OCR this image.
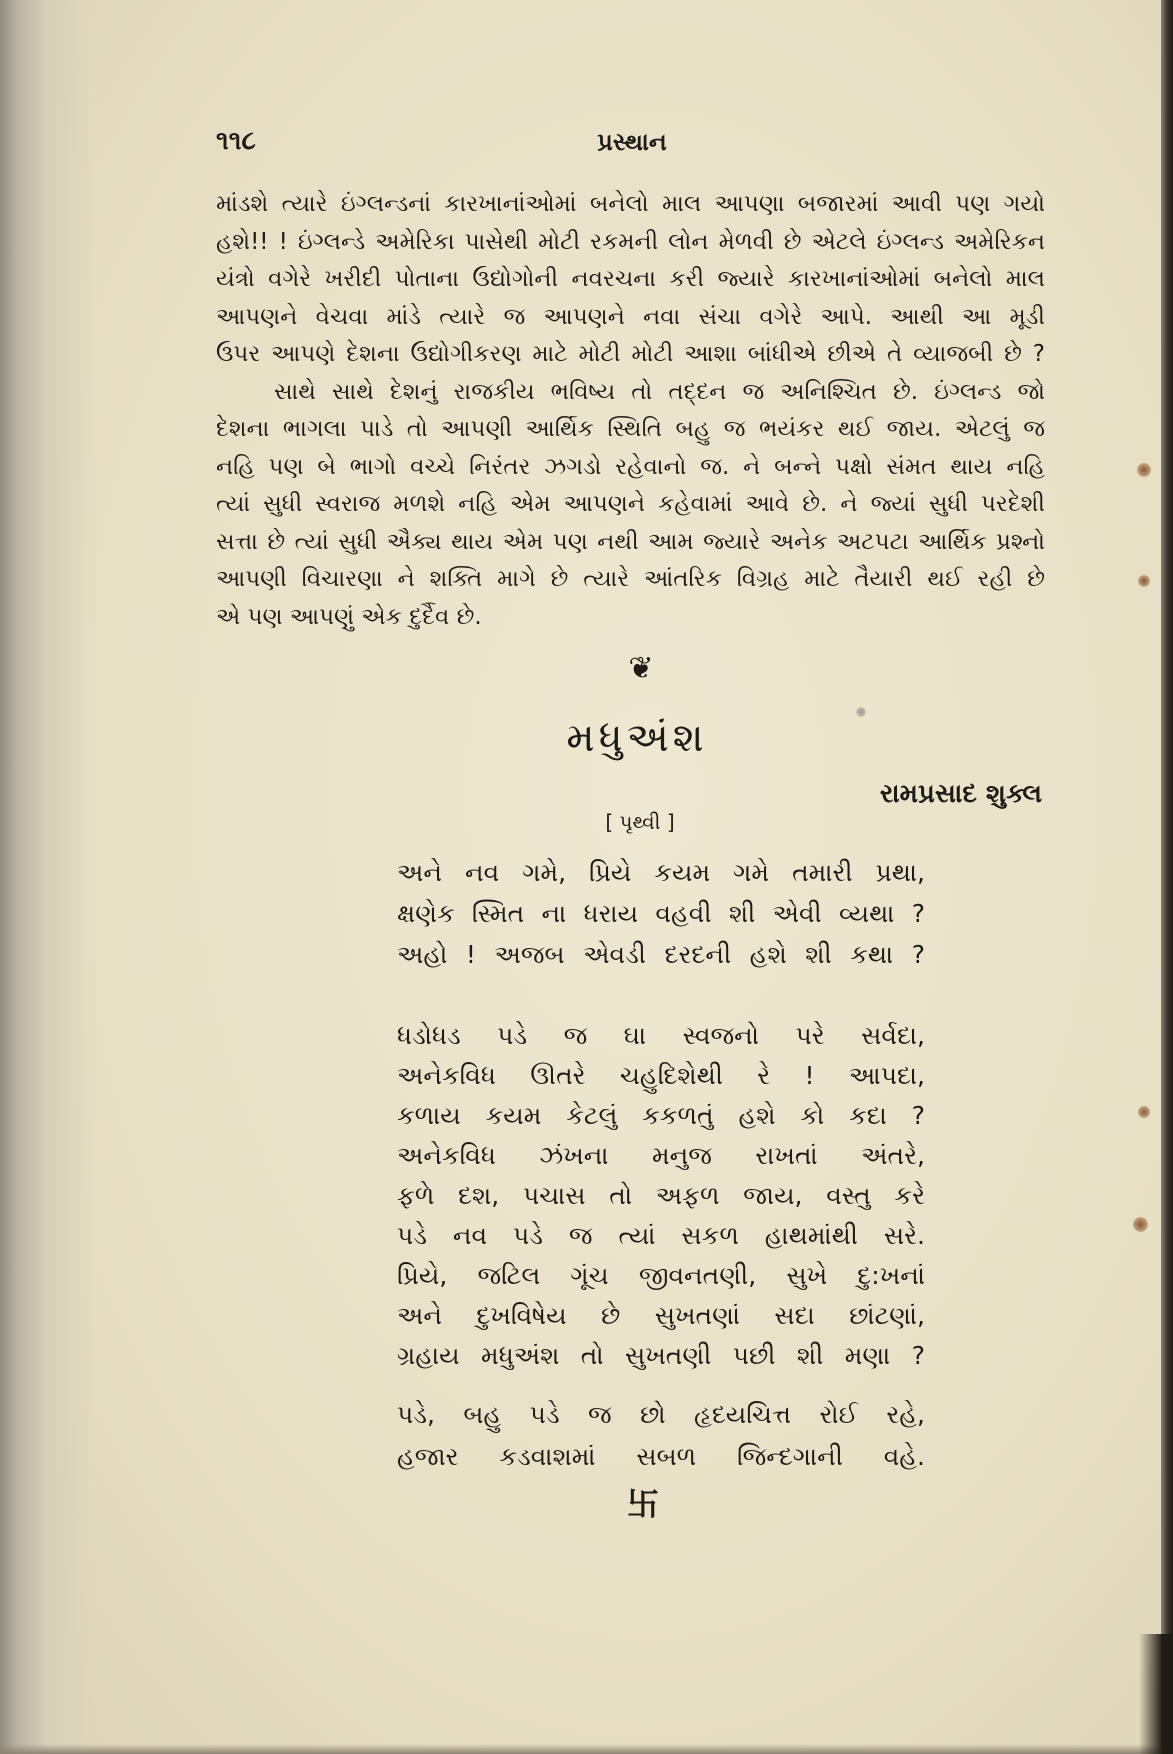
૧૧૮	પ્રસ્થાન
માંડશે ત્યારે ઇંગ્લન્ડનાં કારખાનાંઓમાં બનેલો માલ આપણા બજારમાં આવી પણ ગયો
હશે!! ! ઇંગ્લન્ડે અમેરિકા પાસેથી મોટી રકમની લોન મેળવી છે એટલે ઇંગ્લન્ડ અમેરિકન
યંત્રો વગેરે ખરીદી પોતાના ઉદ્યોગોની નવરચના કરી જ્યારે કારખાનાંઓમાં બનેલો માલ
આપણને વેચવા માંડે ત્યારે જ આપણને નવા સંચા વગેરે આપે. આથી આ મૂડી
ઉપર આપણે દેશના ઉદ્યોગીકરણ માટે મોટી મોટી આશા બાંધીએ છીએ તે વ્યાજબી છે ?
સાથે સાથે દેશનું રાજકીય ભવિષ્ય તો તદ્દન જ અનિશ્ચિત છે. ઇંગ્લન્ડ જો
દેશના ભાગલા પાડે તો આપણી આર્થિક સ્થિતિ બહુ જ ભયંકર થઈ જાય. એટલું જ
નહિ પણ બે ભાગો વચ્ચે નિરંતર ઝગડો રહેવાનો જ. ને બન્ને પક્ષો સંમત થાય નહિ
ત્યાં સુધી સ્વરાજ મળશે નહિ એમ આપણને કહેવામાં આવે છે. ને જ્યાં સુધી પરદેશી
સત્તા છે ત્યાં સુધી ઐક્ય થાય એમ પણ નથી આમ જ્યારે અનેક અટપટા આર્થિક પ્રશ્નો
આપણી વિચારણા ને શક્તિ માગે છે ત્યારે આંતરિક વિગ્રહ માટે તૈયારી થઈ રહી છે
એ પણ આપણું એક દુર્દૈવ છે.
❦
મધુઅંશ
રામપ્રસાદ શુક્લ
[ પૃથ્વી ]
અને નવ ગમે, પ્રિયે કયમ ગમે તમારી પ્રથા,
ક્ષણેક સ્મિત ના ધરાય વહવી શી એવી વ્યથા ?
અહો ! અજબ એવડી દરદની હશે શી કથા ?
ધડોધડ પડે જ ઘા સ્વજનો પરે સર્વદા,
અનેકવિધ ઊતરે ચહુદિશેથી રે ! આપદા,
કળાય કયમ કેટલું કકળતું હશે કો કદા ?
અનેકવિધ ઝંખના મનુજ રાખતાં અંતરે,
ફળે દશ, પચાસ તો અફળ જાય, વસ્તુ કરે
પડે નવ પડે જ ત્યાં સકળ હાથમાંથી સરે.
પ્રિયે, જટિલ ગૂંચ જીવનતણી, સુખે દુ:ખનાં
અને દુખવિષેય છે સુખતણાં સદા છાંટણાં,
ગ્રહાય મધુઅંશ તો સુખતણી પછી શી મણા ?
પડે, બહુ પડે જ છો હૃદયચિત્ત રોઈ રહે,
હજાર કડવાશમાં સબળ જિન્દગાની વહે.
卐
